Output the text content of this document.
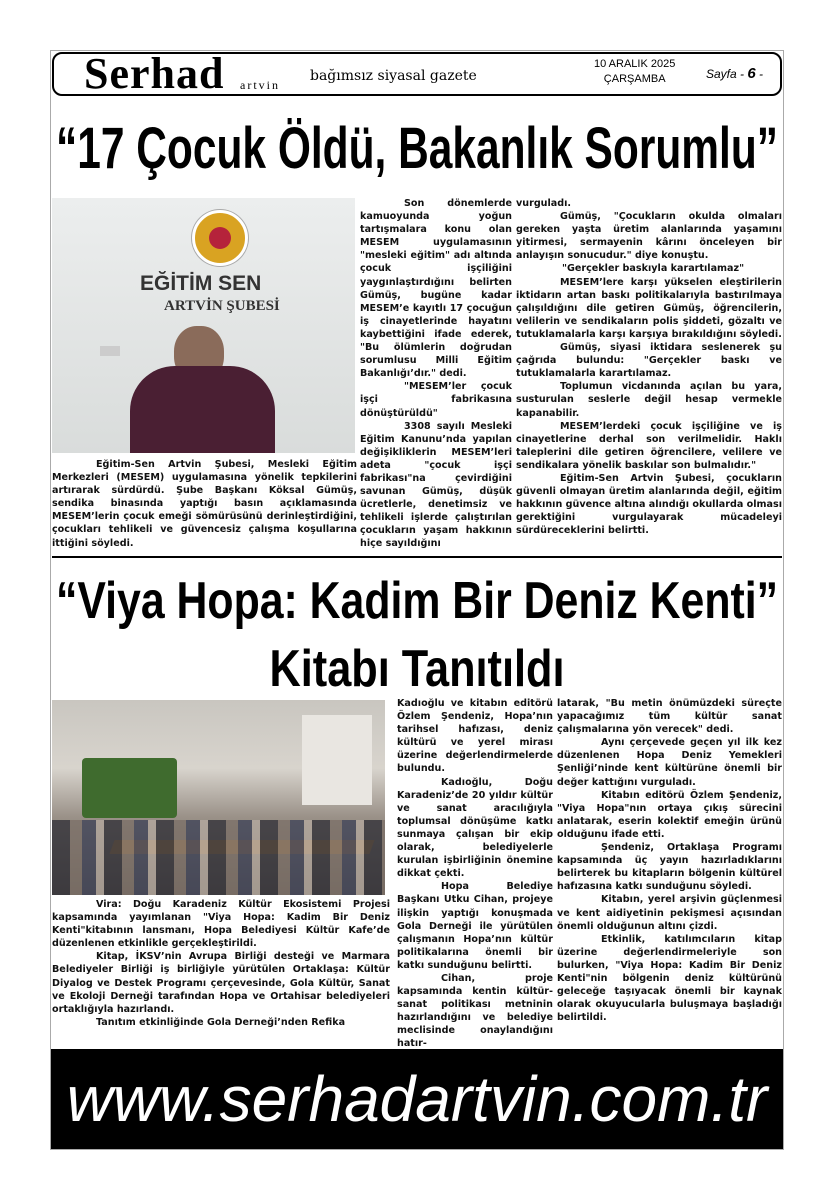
Serhad artvin
bağımsız siyasal gazete
10 ARALIK 2025
ÇARŞAMBA	Sayfa - 6 -
“17 Çocuk Öldü, Bakanlık Sorumlu”
EĞİTİM SEN
ARTVİN ŞUBESİ

Eğitim-Sen Artvin Şubesi, Mesleki Eğitim Merkezleri (MESEM) uygulamasına yönelik tepkilerini artırarak sürdürdü. Şube Başkanı Köksal Gümüş, sendika binasında yaptığı basın açıklamasında MESEM’lerin çocuk emeği sömürüsünü derinleştirdiğini, çocukları tehlikeli ve güvencesiz çalışma koşullarına ittiğini söyledi.

Son dönemlerde kamuoyunda yoğun tartışmalara konu olan MESEM uygulamasının "mesleki eğitim" adı altında çocuk işçiliğini yaygınlaştırdığını belirten Gümüş, bugüne kadar MESEM’e kayıtlı 17 çocuğun iş cinayetlerinde hayatını kaybettiğini ifade ederek, "Bu ölümlerin doğrudan sorumlusu Milli Eğitim Bakanlığı’dır." dedi.

"MESEM’ler çocuk işçi fabrikasına dönüştürüldü"

3308 sayılı Mesleki Eğitim Kanunu’nda yapılan değişikliklerin MESEM’leri adeta "çocuk işçi fabrikası"na çevirdiğini savunan Gümüş, düşük ücretlerle, denetimsiz ve tehlikeli işlerde çalıştırılan çocukların yaşam hakkının hiçe sayıldığını

vurguladı.

Gümüş, "Çocukların okulda olmaları gereken yaşta üretim alanlarında yaşamını yitirmesi, sermayenin kârını önceleyen bir anlayışın sonucudur." diye konuştu.

"Gerçekler baskıyla karartılamaz"

MESEM’lere karşı yükselen eleştirilerin iktidarın artan baskı politikalarıyla bastırılmaya çalışıldığını dile getiren Gümüş, öğrencilerin, velilerin ve sendikaların polis şiddeti, gözaltı ve tutuklamalarla karşı karşıya bırakıldığını söyledi.

Gümüş, siyasi iktidara seslenerek şu çağrıda bulundu: "Gerçekler baskı ve tutuklamalarla karartılamaz.

Toplumun vicdanında açılan bu yara, susturulan seslerle değil hesap vermekle kapanabilir.

MESEM’lerdeki çocuk işçiliğine ve iş cinayetlerine derhal son verilmelidir. Haklı taleplerini dile getiren öğrencilere, velilere ve sendikalara yönelik baskılar son bulmalıdır."

Eğitim-Sen Artvin Şubesi, çocukların güvenli olmayan üretim alanlarında değil, eğitim hakkının güvence altına alındığı okullarda olması gerektiğini vurgulayarak mücadeleyi sürdüreceklerini belirtti.

“Viya Hopa: Kadim Bir Deniz Kenti”
Kitabı Tanıtıldı

Vira: Doğu Karadeniz Kültür Ekosistemi Projesi kapsamında yayımlanan "Viya Hopa: Kadim Bir Deniz Kenti"kitabının lansmanı, Hopa Belediyesi Kültür Kafe’de düzenlenen etkinlikle gerçekleştirildi.

Kitap, İKSV’nin Avrupa Birliği desteği ve Marmara Belediyeler Birliği iş birliğiyle yürütülen Ortaklaşa: Kültür Diyalog ve Destek Programı çerçevesinde, Gola Kültür, Sanat ve Ekoloji Derneği tarafından Hopa ve Ortahisar belediyeleri ortaklığıyla hazırlandı.

Tanıtım etkinliğinde Gola Derneği’nden Refika

Kadıoğlu ve kitabın editörü Özlem Şendeniz, Hopa’nın tarihsel hafızası, deniz kültürü ve yerel mirası üzerine değerlendirmelerde bulundu.

Kadıoğlu, Doğu Karadeniz’de 20 yıldır kültür ve sanat aracılığıyla toplumsal dönüşüme katkı sunmaya çalışan bir ekip olarak, belediyelerle kurulan işbirliğinin önemine dikkat çekti.

Hopa Belediye Başkanı Utku Cihan, projeye ilişkin yaptığı konuşmada Gola Derneği ile yürütülen çalışmanın Hopa’nın kültür politikalarına önemli bir katkı sunduğunu belirtti.

Cihan, proje kapsamında kentin kültür-sanat politikası metninin hazırlandığını ve belediye meclisinde onaylandığını hatır-

latarak, "Bu metin önümüzdeki süreçte yapacağımız tüm kültür sanat çalışmalarına yön verecek" dedi.

Aynı çerçevede geçen yıl ilk kez düzenlenen Hopa Deniz Yemekleri Şenliği’ninde kent kültürüne önemli bir değer kattığını vurguladı.

Kitabın editörü Özlem Şendeniz, "Viya Hopa"nın ortaya çıkış sürecini anlatarak, eserin kolektif emeğin ürünü olduğunu ifade etti.

Şendeniz, Ortaklaşa Programı kapsamında üç yayın hazırladıklarını belirterek bu kitapların bölgenin kültürel hafızasına katkı sunduğunu söyledi.

Kitabın, yerel arşivin güçlenmesi ve kent aidiyetinin pekişmesi açısından önemli olduğunun altını çizdi.

Etkinlik, katılımcıların kitap üzerine değerlendirmeleriyle son bulurken, "Viya Hopa: Kadim Bir Deniz Kenti"nin bölgenin deniz kültürünü geleceğe taşıyacak önemli bir kaynak olarak okuyucularla buluşmaya başladığı belirtildi.

www.serhadartvin.com.tr
